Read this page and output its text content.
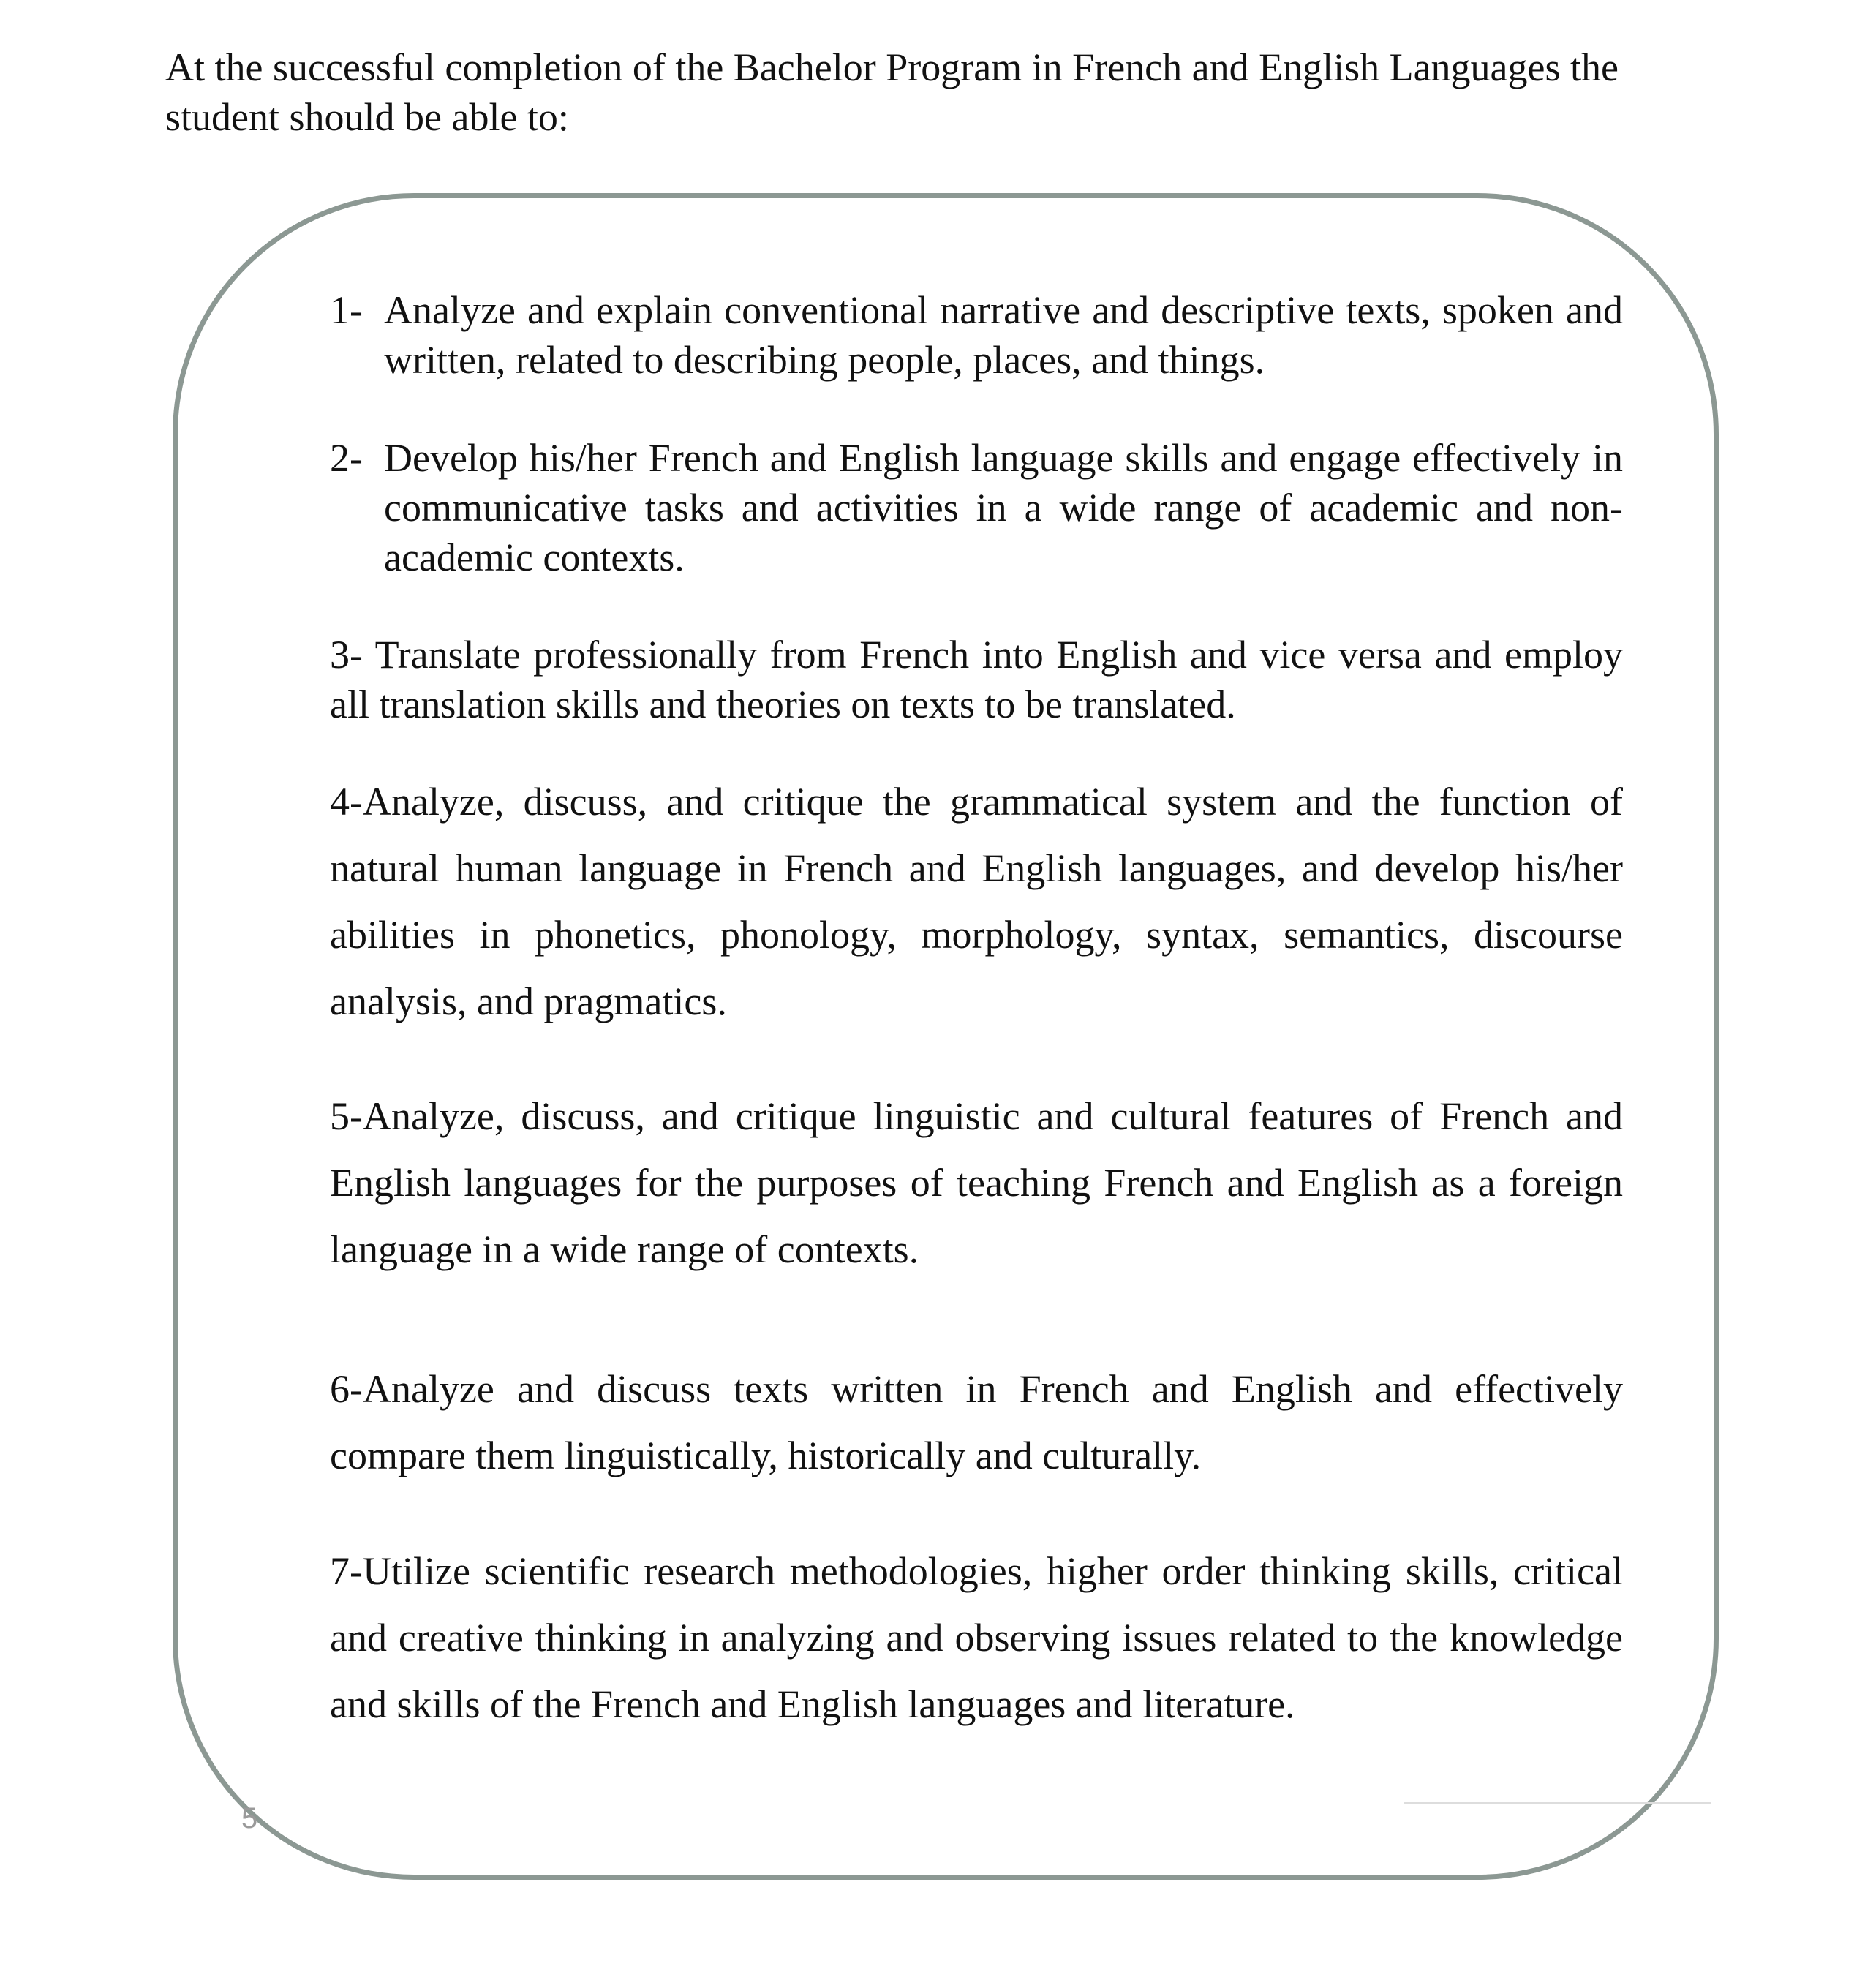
At the successful completion of the Bachelor Program in French and English Languages the student should be able to:

1- Analyze and explain conventional narrative and descriptive texts, spoken and written, related to describing people, places, and things.
2- Develop his/her French and English language skills and engage effectively in communicative tasks and activities in a wide range of academic and non-academic contexts.

3- Translate professionally from French into English and vice versa and employ all translation skills and theories on texts to be translated.

4-Analyze, discuss, and critique the grammatical system and the function of natural human language in French and English languages, and develop his/her abilities in phonetics, phonology, morphology, syntax, semantics, discourse analysis, and pragmatics.

5-Analyze, discuss, and critique linguistic and cultural features of French and English languages for the purposes of teaching French and English as a foreign language in a wide range of contexts.

6-Analyze and discuss texts written in French and English and effectively compare them linguistically, historically and culturally.

7-Utilize scientific research methodologies, higher order thinking skills, critical and creative thinking in analyzing and observing issues related to the knowledge and skills of the French and English languages and literature.

5
